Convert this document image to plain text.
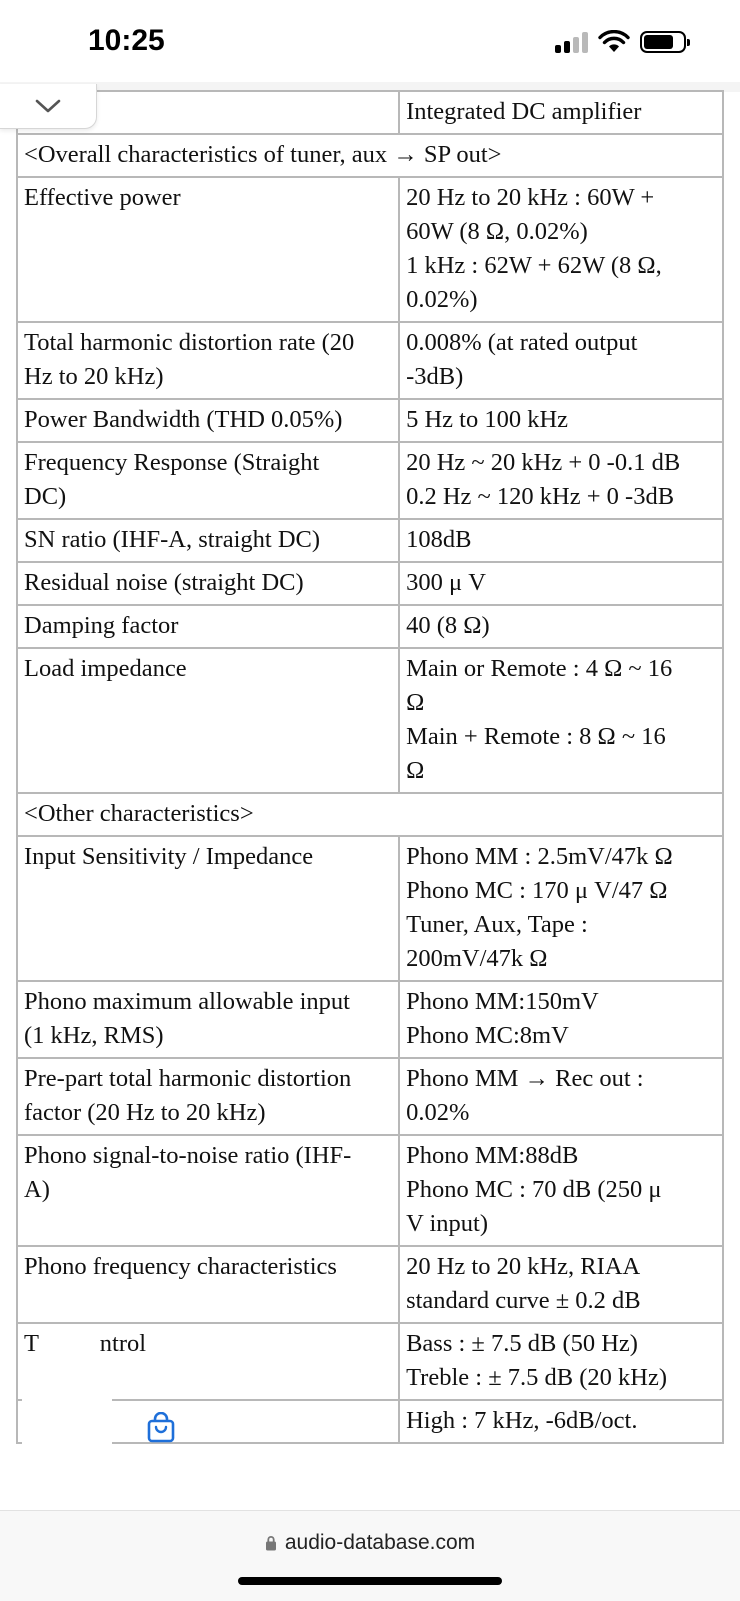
10:25
	Integrated DC amplifier
<Overall characteristics of tuner, aux → SP out>	

Effective power	20 Hz to 20 kHz : 60W +
60W (8 Ω, 0.02%)
1 kHz : 62W + 62W (8 Ω,
0.02%)

Total harmonic distortion rate (20
Hz to 20 kHz)	0.008% (at rated output
-3dB)

Power Bandwidth (THD 0.05%)	5 Hz to 100 kHz

Frequency Response (Straight
DC)	20 Hz ~ 20 kHz + 0 -0.1 dB
0.2 Hz ~ 120 kHz + 0 -3dB

SN ratio (IHF-A, straight DC)	108dB

Residual noise (straight DC)	300 μ V

Damping factor	40 (8 Ω)

Load impedance	Main or Remote : 4 Ω ~ 16
Ω
Main + Remote : 8 Ω ~ 16
Ω

<Other characteristics>	

Input Sensitivity / Impedance	Phono MM : 2.5mV/47k Ω
Phono MC : 170 μ V/47 Ω
Tuner, Aux, Tape :
200mV/47k Ω

Phono maximum allowable input
(1 kHz, RMS)	Phono MM:150mV
Phono MC:8mV

Pre-part total harmonic distortion
factor (20 Hz to 20 kHz)	Phono MM → Rec out :
0.02%

Phono signal-to-noise ratio (IHF-
A)	Phono MM:88dB
Phono MC : 70 dB (250 μ
V input)

Phono frequency characteristics	20 Hz to 20 kHz, RIAA
standard curve ± 0.2 dB

T          ntrol	Bass : ± 7.5 dB (50 Hz)
Treble : ± 7.5 dB (20 kHz)

High : 7 kHz, -6dB/oct.
audio-database.com
